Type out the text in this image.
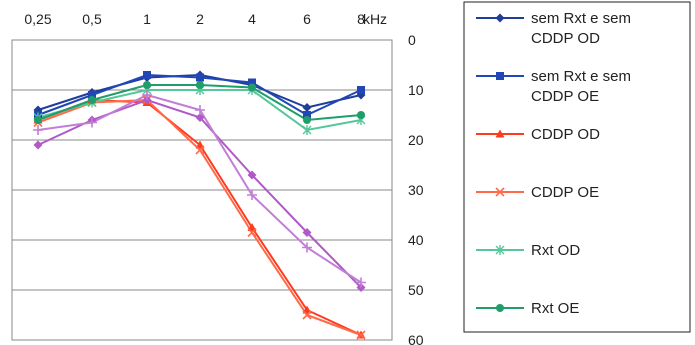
0,25 0,5	1	2	4	6	8
kHz
0
10
20
30
40
50
60
sem Rxt e sem CDDP OD
sem Rxt e sem CDDP OE
CDDP OD
CDDP OE
Rxt OD
Rxt OE
